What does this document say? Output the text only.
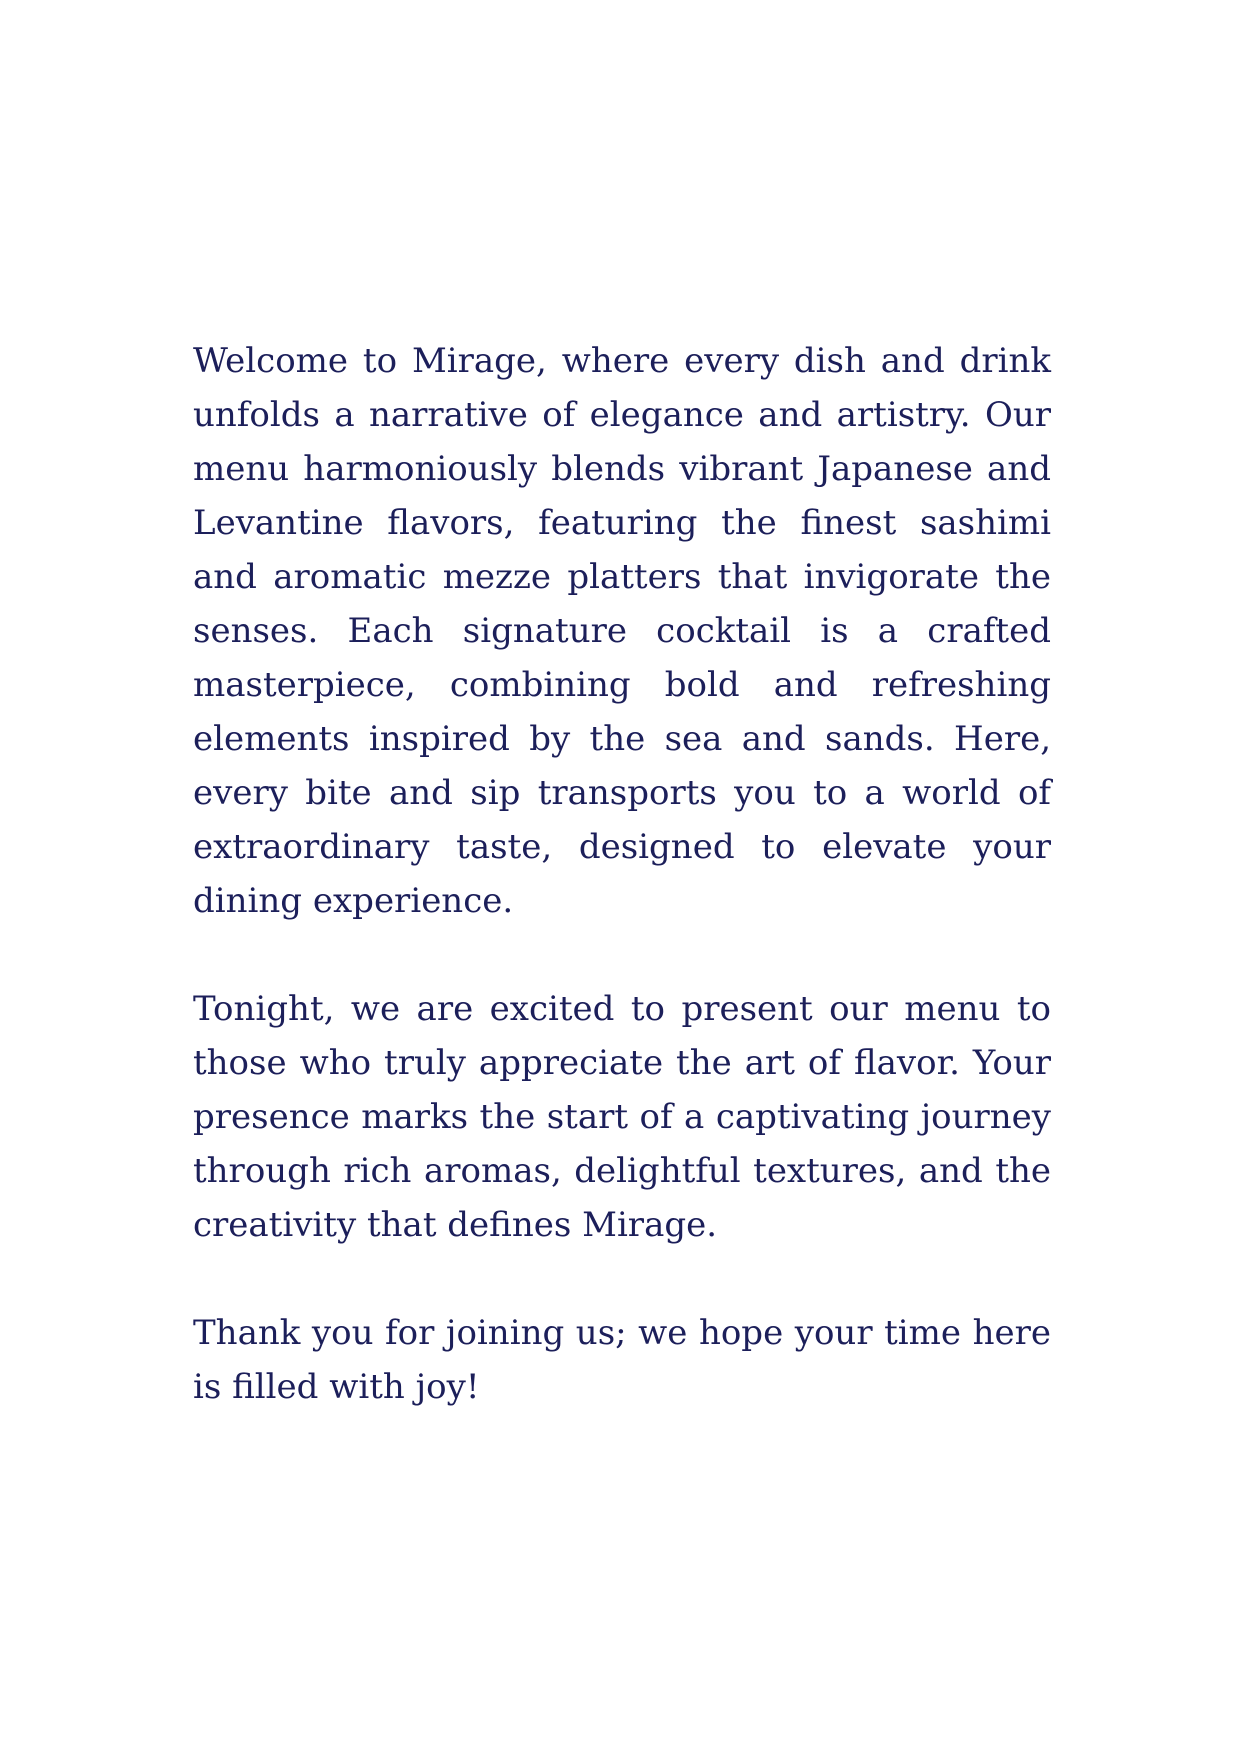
Welcome to Mirage, where every dish and drink unfolds a narrative of elegance and artistry. Our menu harmoniously blends vibrant Japanese and Levantine flavors, featuring the finest sashimi and aromatic mezze platters that invigorate the senses. Each signature cocktail is a crafted masterpiece, combining bold and refreshing elements inspired by the sea and sands. Here, every bite and sip transports you to a world of extraordinary taste, designed to elevate your dining experience.

Tonight, we are excited to present our menu to those who truly appreciate the art of flavor. Your presence marks the start of a captivating journey through rich aromas, delightful textures, and the creativity that defines Mirage.

Thank you for joining us; we hope your time here is filled with joy!
